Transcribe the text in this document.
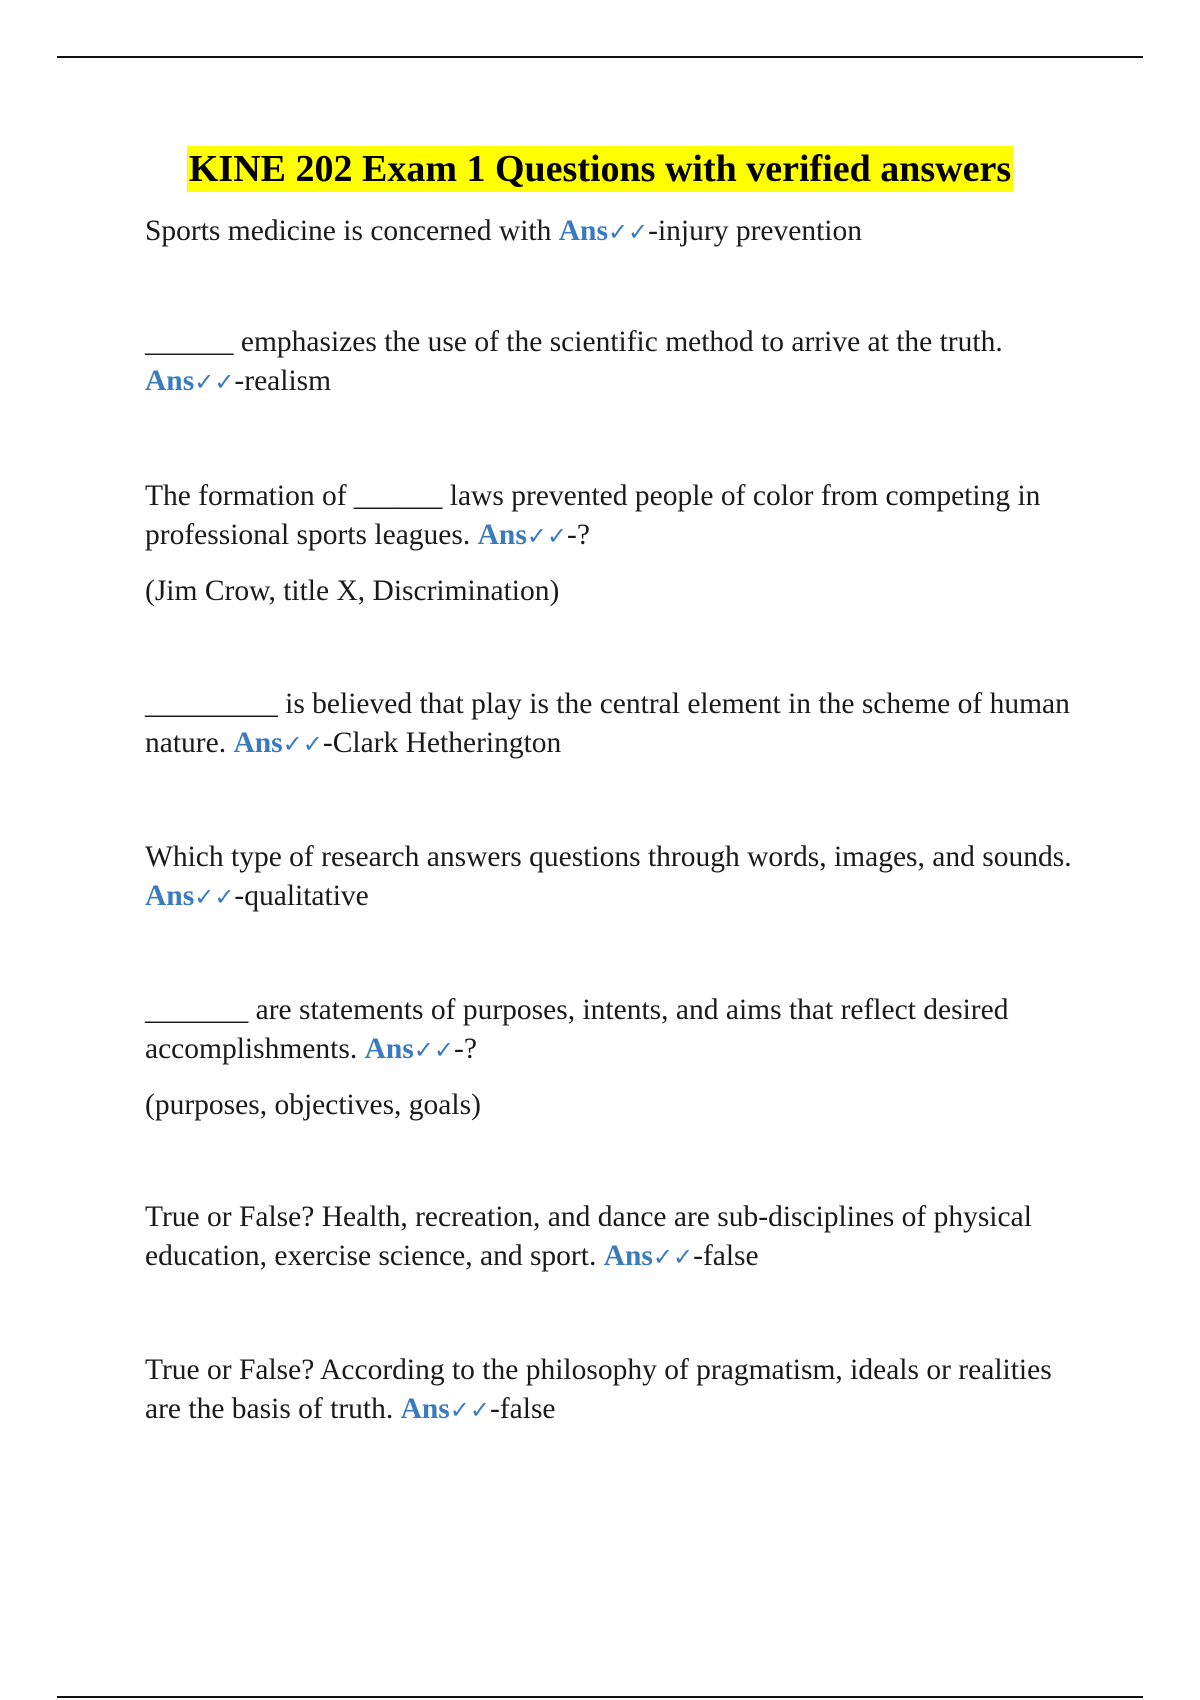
KINE 202 Exam 1 Questions with verified answers

Sports medicine is concerned with Ans✓✓-injury prevention

______ emphasizes the use of the scientific method to arrive at the truth. Ans✓✓-realism

The formation of ______ laws prevented people of color from competing in professional sports leagues. Ans✓✓-?

(Jim Crow, title X, Discrimination)

_________ is believed that play is the central element in the scheme of human nature. Ans✓✓-Clark Hetherington

Which type of research answers questions through words, images, and sounds. Ans✓✓-qualitative

_______ are statements of purposes, intents, and aims that reflect desired accomplishments. Ans✓✓-?

(purposes, objectives, goals)

True or False? Health, recreation, and dance are sub-disciplines of physical education, exercise science, and sport. Ans✓✓-false

True or False? According to the philosophy of pragmatism, ideals or realities are the basis of truth. Ans✓✓-false
